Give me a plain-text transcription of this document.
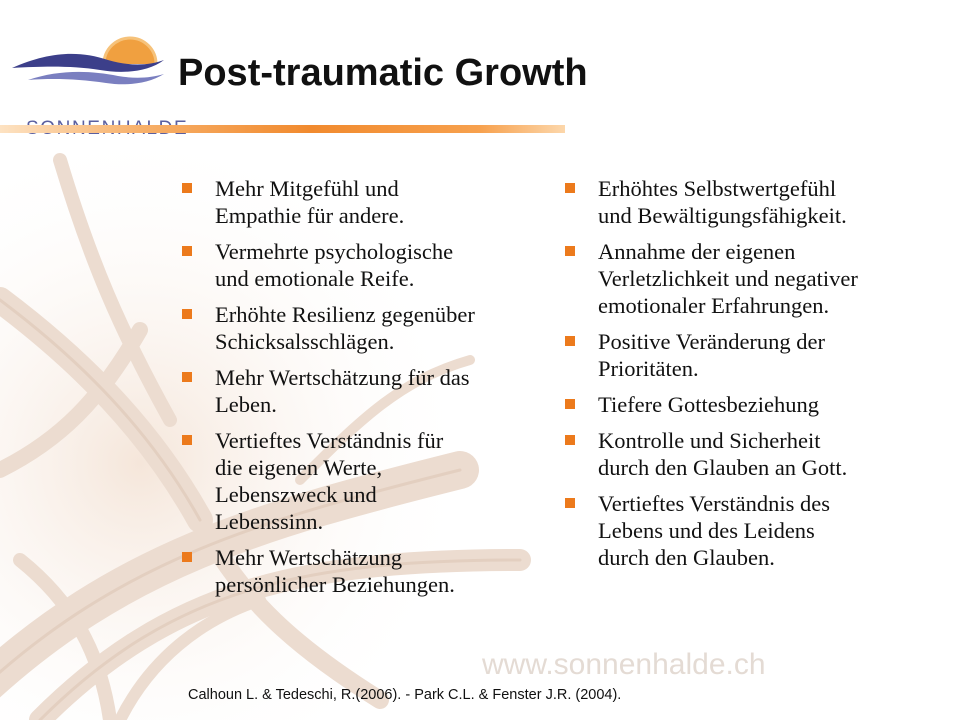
Post-traumatic Growth
Mehr Mitgefühl und
Empathie für andere.
Vermehrte psychologische
und emotionale Reife.
Erhöhte Resilienz gegenüber
Schicksalsschlägen.
Mehr Wertschätzung für das
Leben.
Vertieftes Verständnis für
die eigenen Werte,
Lebenszweck und
Lebenssinn.
Mehr Wertschätzung
persönlicher Beziehungen.
Erhöhtes Selbstwertgefühl
und Bewältigungsfähigkeit.
Annahme der eigenen
Verletzlichkeit und negativer
emotionaler Erfahrungen.
Positive Veränderung der
Prioritäten.
Tiefere Gottesbeziehung
Kontrolle und Sicherheit
durch den Glauben an Gott.
Vertieftes Verständnis des
Lebens und des Leidens
durch den Glauben.
www.sonnenhalde.ch
Calhoun L. & Tedeschi, R.(2006). - Park C.L. & Fenster J.R. (2004).
